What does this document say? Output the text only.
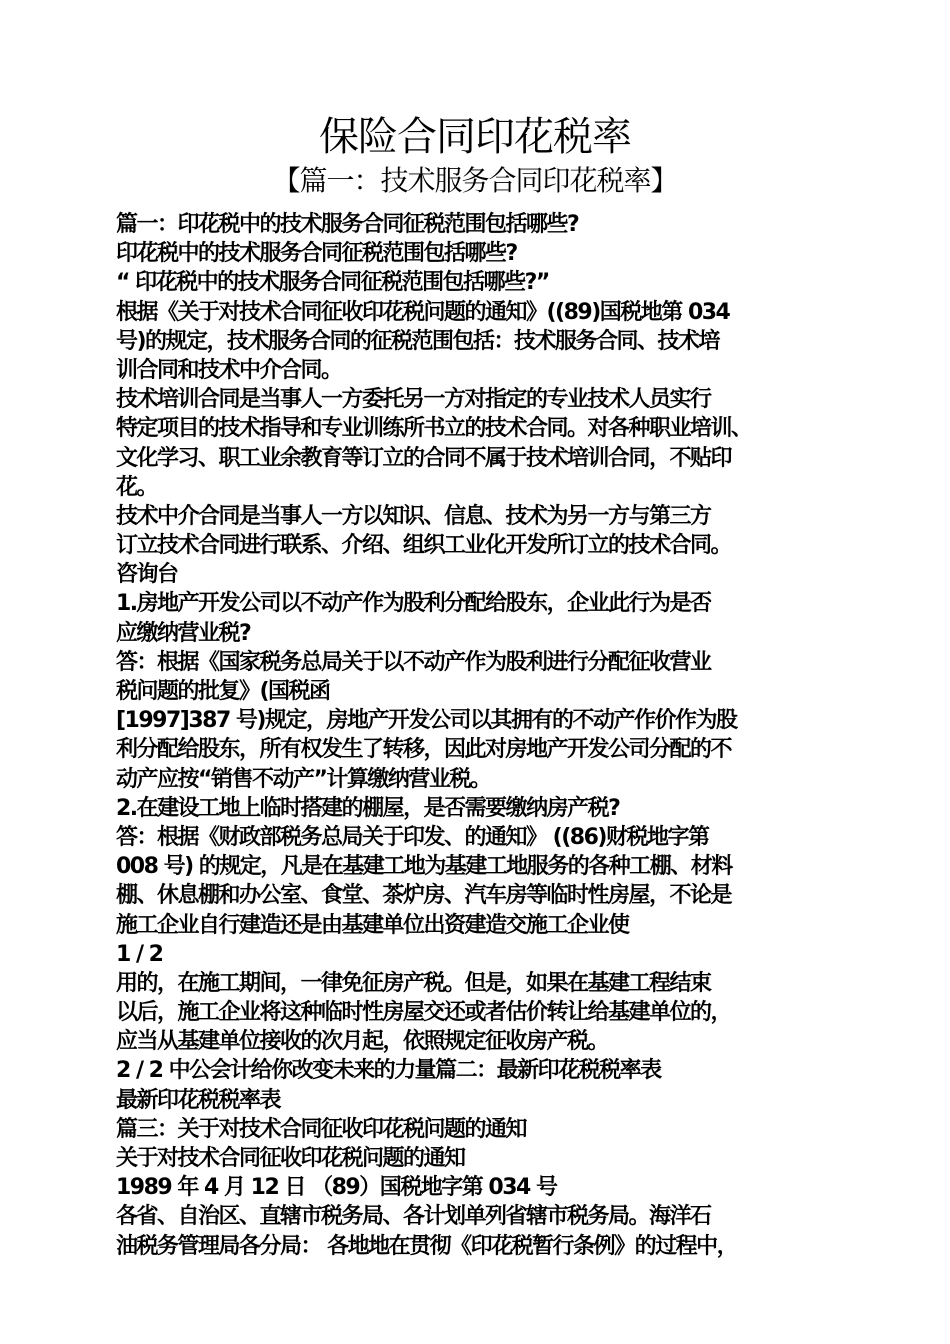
保险合同印花税率
【篇一：技术服务合同印花税率】
篇一：印花税中的技术服务合同征税范围包括哪些?
印花税中的技术服务合同征税范围包括哪些?
“ 印花税中的技术服务合同征税范围包括哪些?”
根据《关于对技术合同征收印花税问题的通知》((89)国税地第 034
号)的规定，技术服务合同的征税范围包括：技术服务合同、技术培
训合同和技术中介合同。
技术培训合同是当事人一方委托另一方对指定的专业技术人员实行
特定项目的技术指导和专业训练所书立的技术合同。对各种职业培训、
文化学习、职工业余教育等订立的合同不属于技术培训合同，不贴印
花。
技术中介合同是当事人一方以知识、信息、技术为另一方与第三方
订立技术合同进行联系、介绍、组织工业化开发所订立的技术合同。
咨询台
1.房地产开发公司以不动产作为股利分配给股东，企业此行为是否
应缴纳营业税?
答：根据《国家税务总局关于以不动产作为股利进行分配征收营业
税问题的批复》(国税函
[1997]387 号)规定，房地产开发公司以其拥有的不动产作价作为股
利分配给股东，所有权发生了转移，因此对房地产开发公司分配的不
动产应按“销售不动产”计算缴纳营业税。
2.在建设工地上临时搭建的棚屋，是否需要缴纳房产税?
答：根据《财政部税务总局关于印发、的通知》 ((86)财税地字第
008 号) 的规定，凡是在基建工地为基建工地服务的各种工棚、材料
棚、休息棚和办公室、食堂、茶炉房、汽车房等临时性房屋，不论是
施工企业自行建造还是由基建单位出资建造交施工企业使
1 / 2
用的，在施工期间，一律免征房产税。但是，如果在基建工程结束
以后，施工企业将这种临时性房屋交还或者估价转让给基建单位的，
应当从基建单位接收的次月起，依照规定征收房产税。
2 / 2 中公会计给你改变未来的力量篇二：最新印花税税率表
最新印花税税率表
篇三：关于对技术合同征收印花税问题的通知
关于对技术合同征收印花税问题的通知
1989 年 4 月 12 日 （89）国税地字第 034 号
各省、自治区、直辖市税务局、各计划单列省辖市税务局。海洋石
油税务管理局各分局： 各地地在贯彻《印花税暂行条例》的过程中，
